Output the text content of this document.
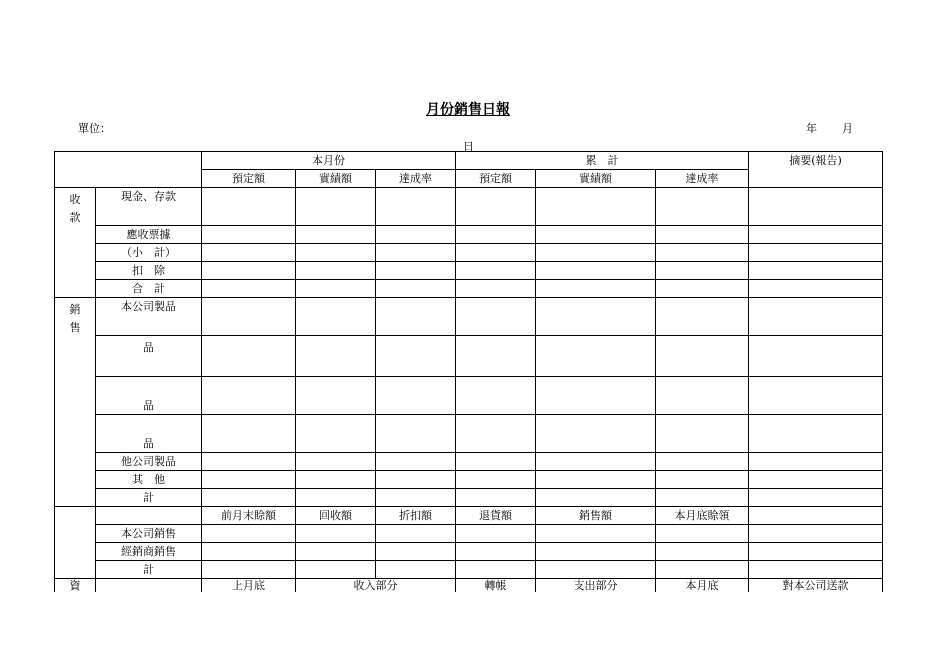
月份銷售日報
單位：	年 月
日
		本月份			累　計			摘要(報告)
		預定額	實績額	達成率	預定額	實績額	達成率	
收款	現金、存款							
	應收票據							
	（小　計）							
	扣　除							
	合　計							
銷售	本公司製品							
	品							
	品							
	品							
	他公司製品							
	其　他							
	計							
		前月末賒額	回收額	折扣額	退貨額	銷售額	本月底賒領	
	本公司銷售							
	經銷商銷售							
	計							
資		上月底	收入部分		轉帳	支出部分	本月底	對本公司送款
